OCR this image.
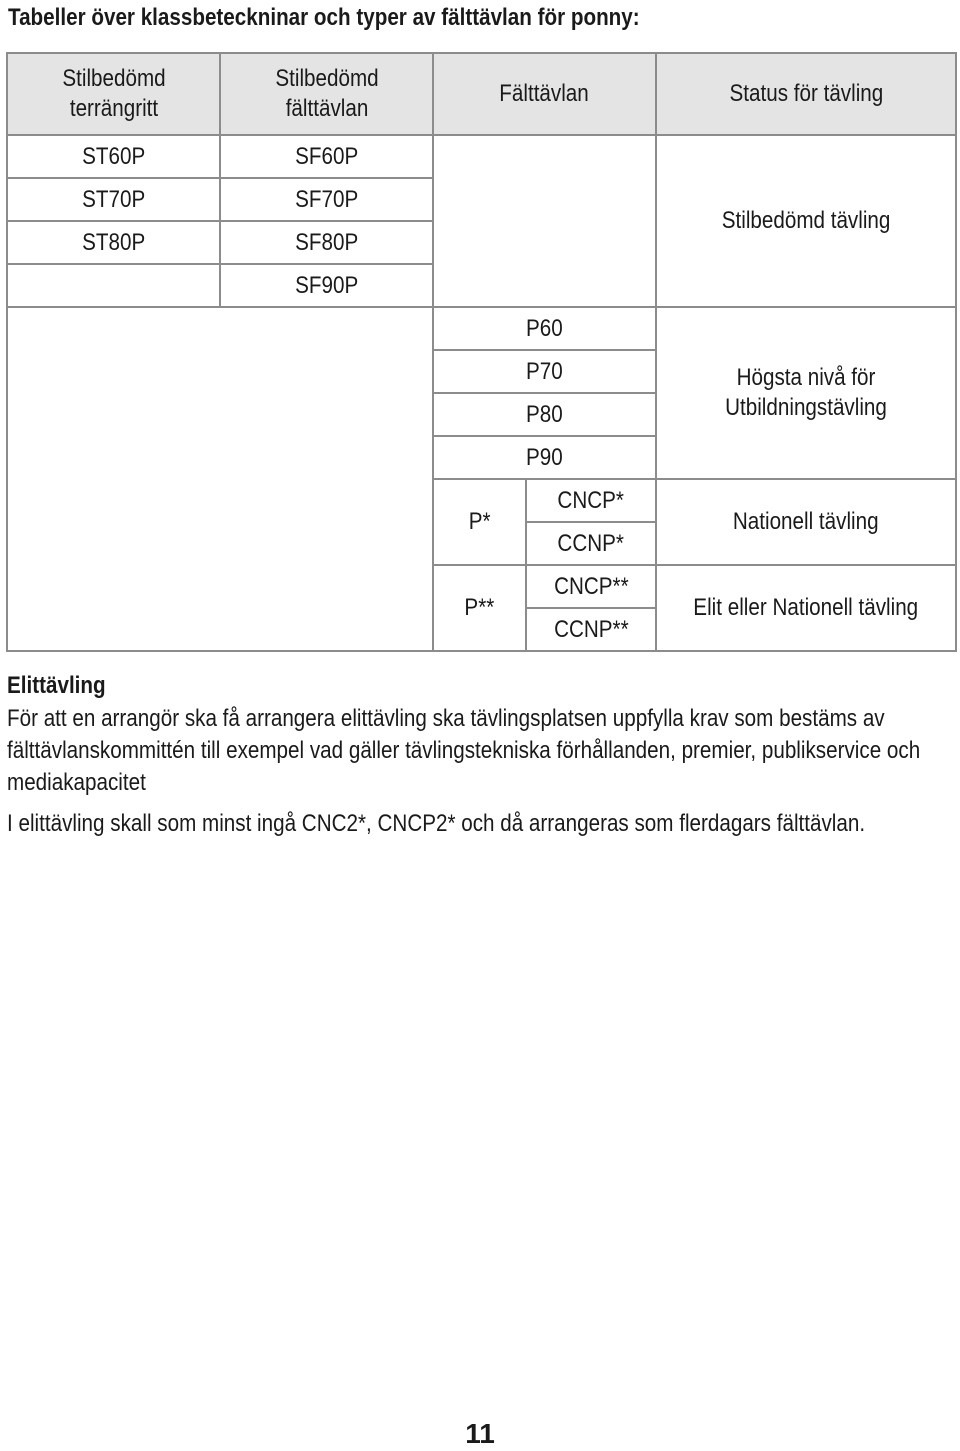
Tabeller över klassbeteckninar och typer av fälttävlan för ponny:
Stilbedömd terrängritt	Stilbedömd fälttävlan	Fälttävlan		Status för tävling
ST60P	SF60P			Stilbedömd tävling
ST70P	SF70P			
ST80P	SF80P			
	SF90P			
		P60		Högsta nivå för Utbildningstävling
		P70		
		P80		
		P90		
		P*	CNCP*	Nationell tävling
			CCNP*	
		P**	CNCP**	Elit eller Nationell tävling
			CCNP**	
Elittävling
För att en arrangör ska få arrangera elittävling ska tävlingsplatsen uppfylla krav som bestäms av fälttävlanskommittén till exempel vad gäller tävlingstekniska förhållanden, premier, publikservice och mediakapacitet
I elittävling skall som minst ingå CNC2*, CNCP2* och då arrangeras som flerdagars fälttävlan.
11
